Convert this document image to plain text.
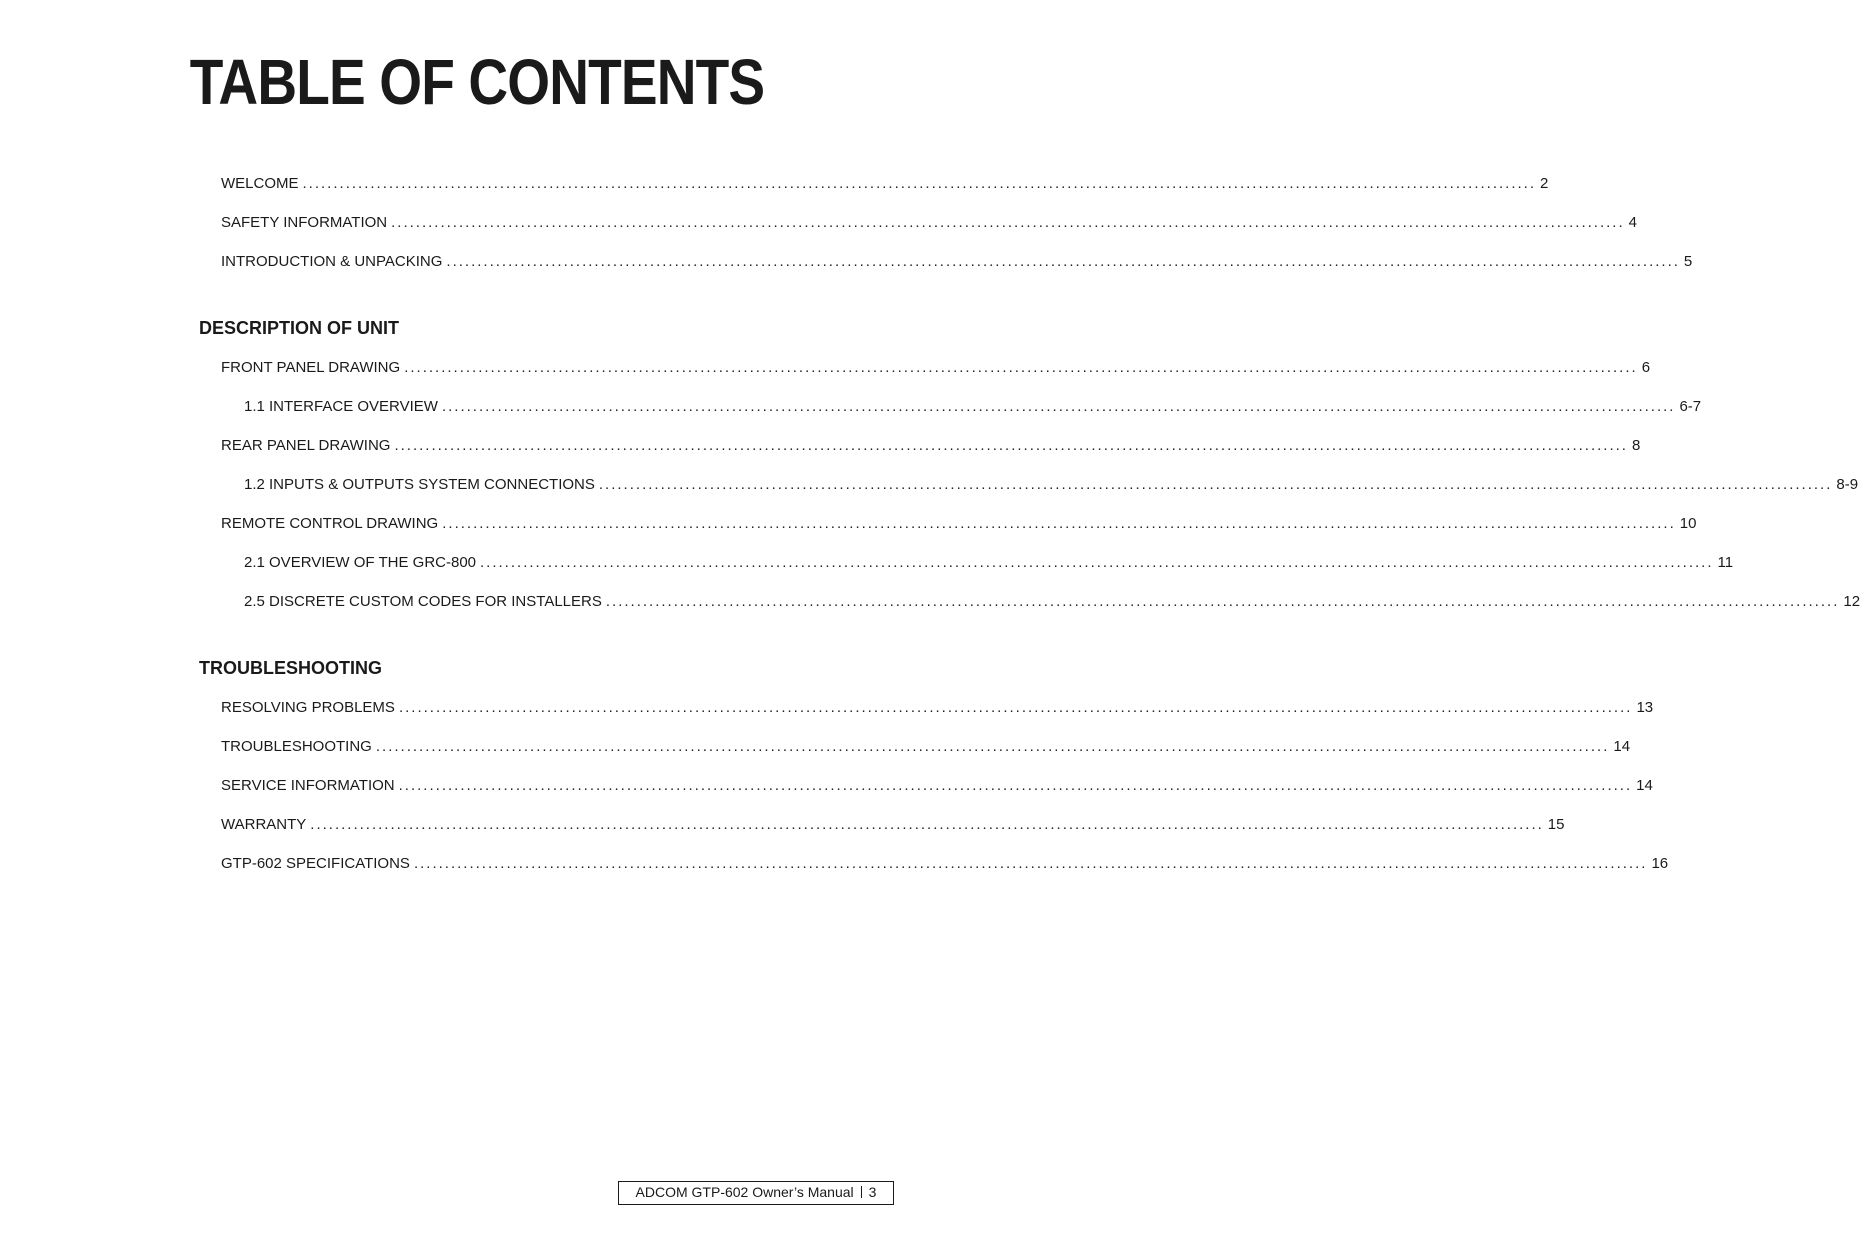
TABLE OF CONTENTS
WELCOME ........................................................................................................................................................................................................ 2
SAFETY INFORMATION ........................................................................................................................................................................................................ 4
INTRODUCTION & UNPACKING ........................................................................................................................................................................................................ 5
DESCRIPTION OF UNIT
FRONT PANEL DRAWING ........................................................................................................................................................................................................ 6
1.1 INTERFACE OVERVIEW ........................................................................................................................................................................................................ 6-7
REAR PANEL DRAWING ........................................................................................................................................................................................................ 8
1.2 INPUTS & OUTPUTS SYSTEM CONNECTIONS ........................................................................................................................................................................................................ 8-9
REMOTE CONTROL DRAWING ........................................................................................................................................................................................................ 10
2.1 OVERVIEW OF THE GRC-800 ........................................................................................................................................................................................................ 11
2.5 DISCRETE CUSTOM CODES FOR INSTALLERS ........................................................................................................................................................................................................ 12
TROUBLESHOOTING
RESOLVING PROBLEMS ........................................................................................................................................................................................................ 13
TROUBLESHOOTING ........................................................................................................................................................................................................ 14
SERVICE INFORMATION ........................................................................................................................................................................................................ 14
WARRANTY ........................................................................................................................................................................................................ 15
GTP-602 SPECIFICATIONS ........................................................................................................................................................................................................ 16
ADCOM GTP-602 Owner’s Manual 3
